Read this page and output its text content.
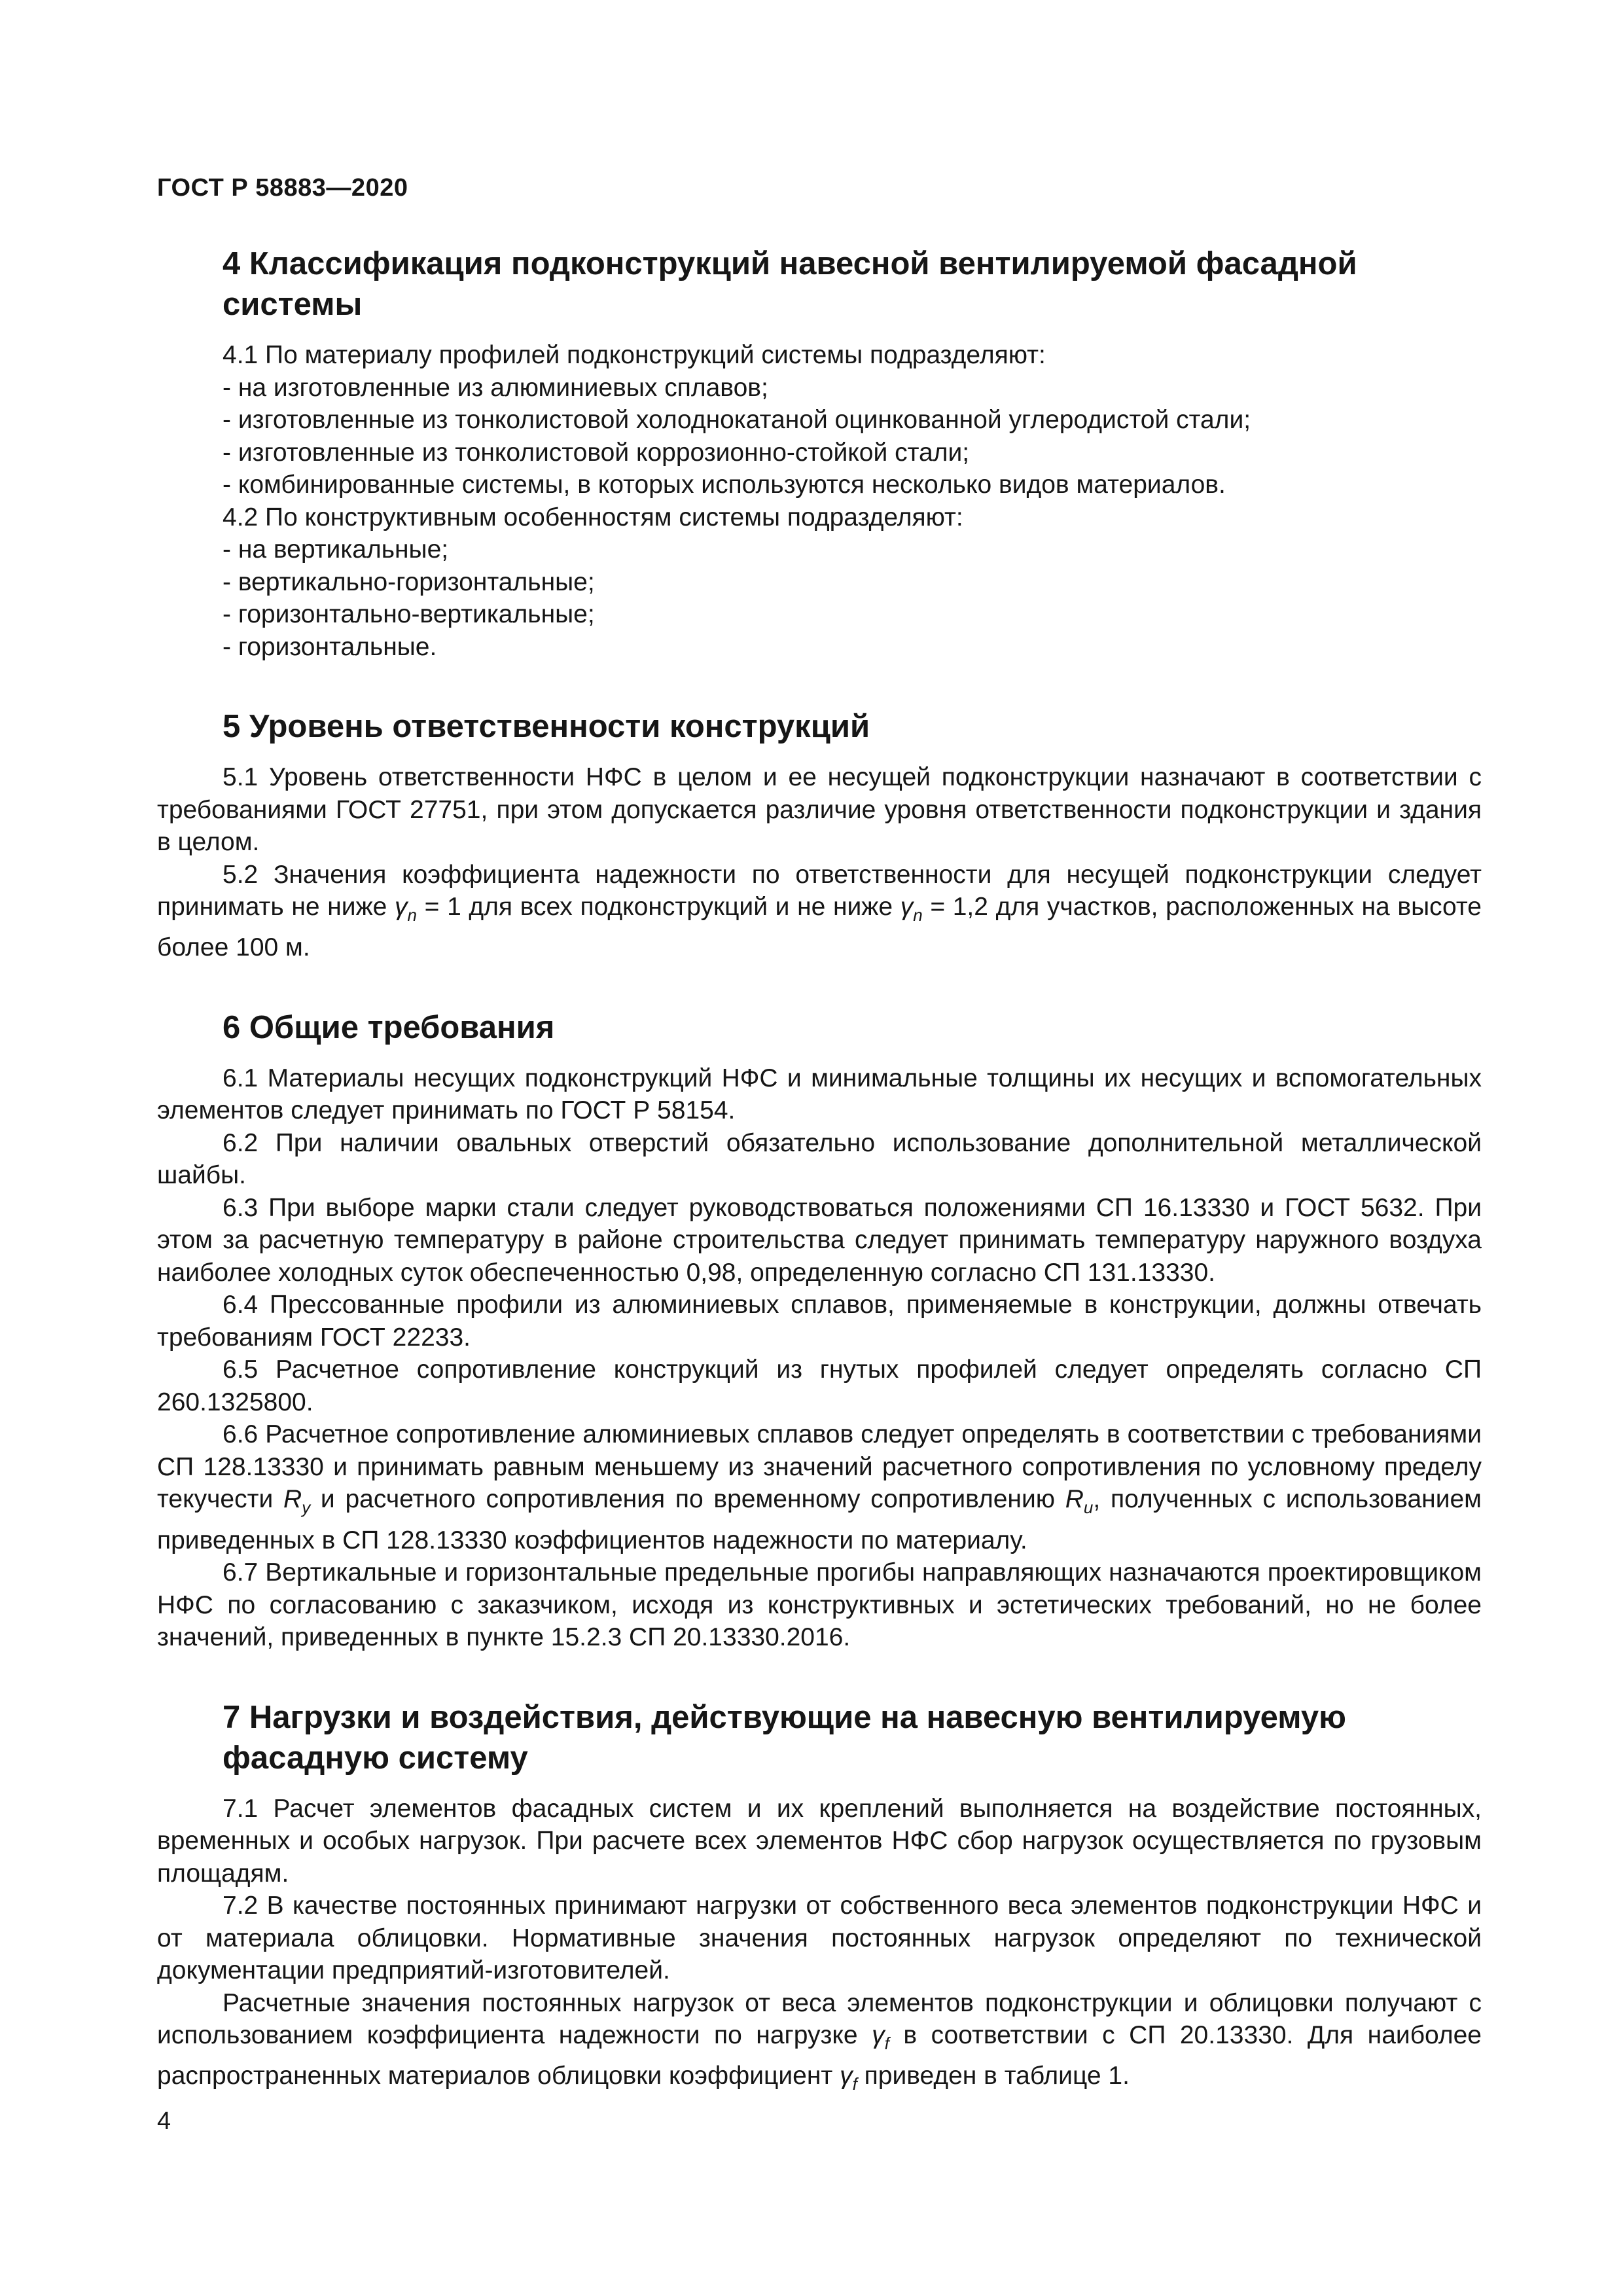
ГОСТ Р 58883—2020
4 Классификация подконструкций навесной вентилируемой фасадной системы

4.1 По материалу профилей подконструкций системы подразделяют:

- на изготовленные из алюминиевых сплавов;

- изготовленные из тонколистовой холоднокатаной оцинкованной углеродистой стали;

- изготовленные из тонколистовой коррозионно-стойкой стали;

- комбинированные системы, в которых используются несколько видов материалов.

4.2 По конструктивным особенностям системы подразделяют:

- на вертикальные;

- вертикально-горизонтальные;

- горизонтально-вертикальные;

- горизонтальные.

5 Уровень ответственности конструкций

5.1 Уровень ответственности НФС в целом и ее несущей подконструкции назначают в соответствии с требованиями ГОСТ 27751, при этом допускается различие уровня ответственности подконструкции и здания в целом.

5.2 Значения коэффициента надежности по ответственности для несущей подконструкции следует принимать не ниже $\gamma_n = 1$ для всех подконструкций и не ниже $\gamma_n = 1,2$ для участков, расположенных на высоте более 100 м.

6 Общие требования

6.1 Материалы несущих подконструкций НФС и минимальные толщины их несущих и вспомогательных элементов следует принимать по ГОСТ Р 58154.

6.2 При наличии овальных отверстий обязательно использование дополнительной металлической шайбы.

6.3 При выборе марки стали следует руководствоваться положениями СП 16.13330 и ГОСТ 5632. При этом за расчетную температуру в районе строительства следует принимать температуру наружного воздуха наиболее холодных суток обеспеченностью 0,98, определенную согласно СП 131.13330.

6.4 Прессованные профили из алюминиевых сплавов, применяемые в конструкции, должны отвечать требованиям ГОСТ 22233.

6.5 Расчетное сопротивление конструкций из гнутых профилей следует определять согласно СП 260.1325800.

6.6 Расчетное сопротивление алюминиевых сплавов следует определять в соответствии с требованиями СП 128.13330 и принимать равным меньшему из значений расчетного сопротивления по условному пределу текучести $R_y$ и расчетного сопротивления по временному сопротивлению $R_u$, полученных с использованием приведенных в СП 128.13330 коэффициентов надежности по материалу.

6.7 Вертикальные и горизонтальные предельные прогибы направляющих назначаются проектировщиком НФС по согласованию с заказчиком, исходя из конструктивных и эстетических требований, но не более значений, приведенных в пункте 15.2.3 СП 20.13330.2016.

7 Нагрузки и воздействия, действующие на навесную вентилируемую фасадную систему

7.1 Расчет элементов фасадных систем и их креплений выполняется на воздействие постоянных, временных и особых нагрузок. При расчете всех элементов НФС сбор нагрузок осуществляется по грузовым площадям.

7.2 В качестве постоянных принимают нагрузки от собственного веса элементов подконструкции НФС и от материала облицовки. Нормативные значения постоянных нагрузок определяют по технической документации предприятий-изготовителей.

Расчетные значения постоянных нагрузок от веса элементов подконструкции и облицовки получают с использованием коэффициента надежности по нагрузке $\gamma_f$ в соответствии с СП 20.13330. Для наиболее распространенных материалов облицовки коэффициент $\gamma_f$ приведен в таблице 1.

4
